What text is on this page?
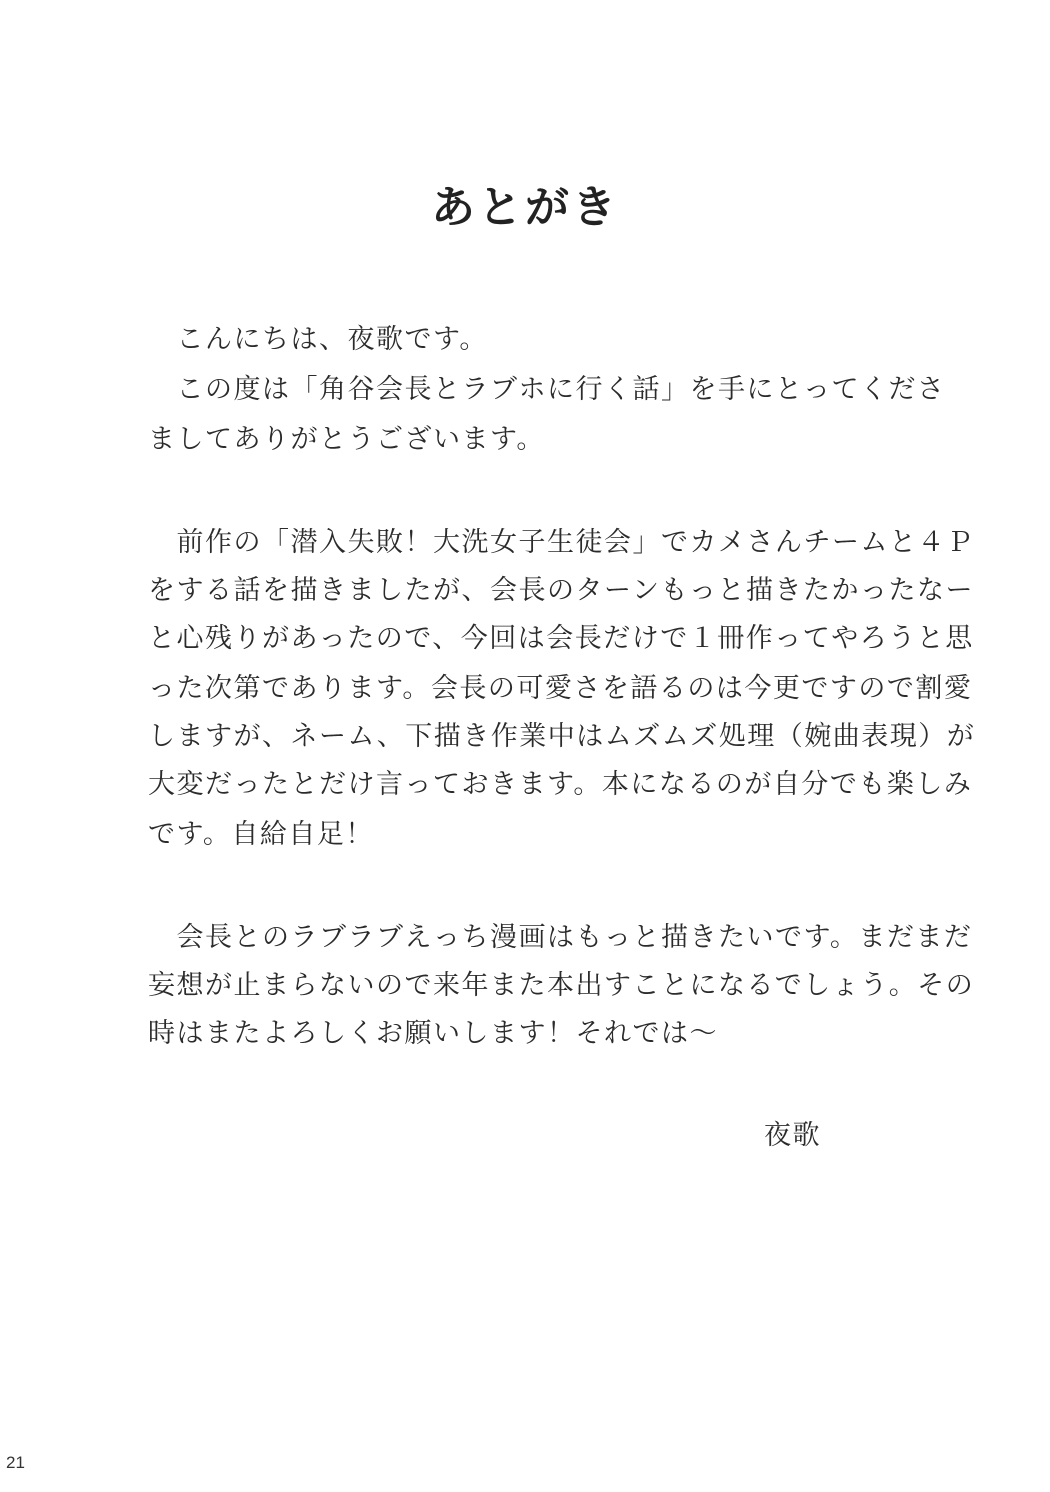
あとがき
　こんにちは、夜歌です。
　この度は「角谷会長とラブホに行く話」を手にとってくださ
ましてありがとうございます。
　前作の「潜入失敗！大洗女子生徒会」でカメさんチームと４Ｐ
をする話を描きましたが、会長のターンもっと描きたかったなー
と心残りがあったので、今回は会長だけで１冊作ってやろうと思
った次第であります。会長の可愛さを語るのは今更ですので割愛
しますが、ネーム、下描き作業中はムズムズ処理（婉曲表現）が
大変だったとだけ言っておきます。本になるのが自分でも楽しみ
です。自給自足！
　会長とのラブラブえっち漫画はもっと描きたいです。まだまだ
妄想が止まらないので来年また本出すことになるでしょう。その
時はまたよろしくお願いします！それでは～
夜歌
21
